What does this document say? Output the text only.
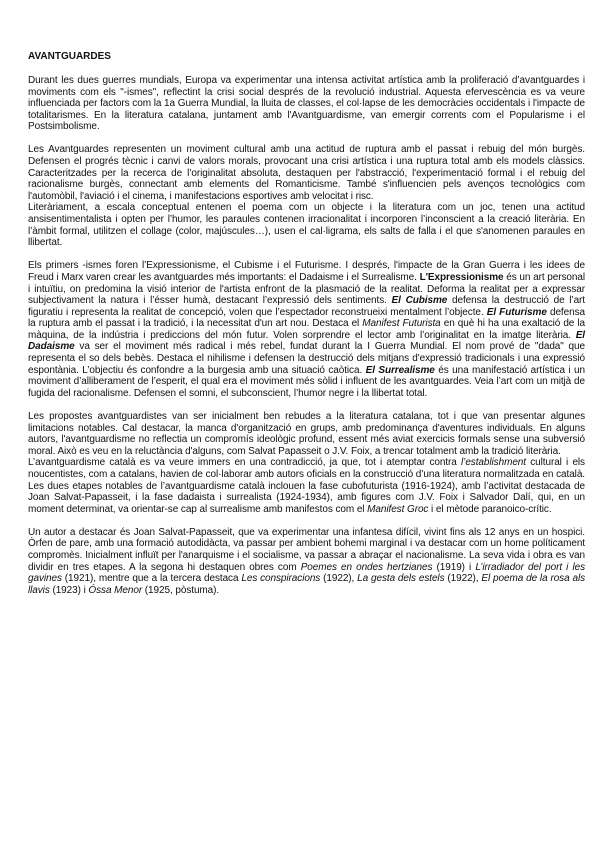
AVANTGUARDES

Durant les dues guerres mundials, Europa va experimentar una intensa activitat artística amb la proliferació d’avantguardes i moviments com els "-ismes", reflectint la crisi social després de la revolució industrial. Aquesta efervescència es va veure influenciada per factors com la 1a Guerra Mundial, la lluita de classes, el col·lapse de les democràcies occidentals i l'impacte de totalitarismes. En la literatura catalana, juntament amb l'Avantguardisme, van emergir corrents com el Popularisme i el Postsimbolisme.

Les Avantguardes representen un moviment cultural amb una actitud de ruptura amb el passat i rebuig del món burgès. Defensen el progrés tècnic i canvi de valors morals, provocant una crisi artística i una ruptura total amb els models clàssics. Caracteritzades per la recerca de l’originalitat absoluta, destaquen per l'abstracció, l'experimentació formal i el rebuig del racionalisme burgès, connectant amb elements del Romanticisme. També s'influencien pels avenços tecnològics com l'automòbil, l'aviació i el cinema, i manifestacions esportives amb velocitat i risc.

Literàriament, a escala conceptual entenen el poema com un objecte i la literatura com un joc, tenen una actitud ansisentimentalista i opten per l’humor, les paraules contenen irracionalitat i incorporen l’inconscient a la creació literària. En l’àmbit formal, utilitzen el collage (color, majúscules…), usen el cal·ligrama, els salts de falla i el que s'anomenen paraules en llibertat.

Els primers -ismes foren l’Expressionisme, el Cubisme i el Futurisme. I després, l'impacte de la Gran Guerra i les idees de Freud i Marx varen crear les avantguardes més importants: el Dadaisme i el Surrealisme. L'Expressionisme és un art personal i intuïtiu, on predomina la visió interior de l'artista enfront de la plasmació de la realitat. Deforma la realitat per a expressar subjectivament la natura i l’ésser humà, destacant l’expressió dels sentiments. El Cubisme defensa la destrucció de l’art figuratiu i representa la realitat de concepció, volen que l’espectador reconstrueixi mentalment l’objecte. El Futurisme defensa la ruptura amb el passat i la tradició, i la necessitat d'un art nou. Destaca el Manifest Futurista en què hi ha una exaltació de la màquina, de la indústria i prediccions del món futur. Volen sorprendre el lector amb l’originalitat en la imatge literària. El Dadaisme va ser el moviment més radical i més rebel, fundat durant la I Guerra Mundial. El nom prové de "dada" que representa el so dels bebès. Destaca el nihilisme i defensen la destrucció dels mitjans d'expressió tradicionals i una expressió espontània. L’objectiu és confondre a la burgesia amb una situació caòtica. El Surrealisme és una manifestació artística i un moviment d’alliberament de l’esperit, el qual era el moviment més sòlid i influent de les avantguardes. Veia l’art com un mitjà de fugida del racionalisme. Defensen el somni, el subconscient, l’humor negre i la llibertat total.

Les propostes avantguardistes van ser inicialment ben rebudes a la literatura catalana, tot i que van presentar algunes limitacions notables. Cal destacar, la manca d'organització en grups, amb predominança d'aventures individuals. En alguns autors, l'avantguardisme no reflectia un compromís ideològic profund, essent més aviat exercicis formals sense una subversió moral. Això es veu en la reluctància d'alguns, com Salvat Papasseit o J.V. Foix, a trencar totalment amb la tradició literària.

L’avantguardisme català es va veure immers en una contradicció, ja que, tot i atemptar contra l’establishment cultural i els noucentistes, com a catalans, havien de col·laborar amb autors oficials en la construcció d’una literatura normalitzada en català. Les dues etapes notables de l’avantguardisme català inclouen la fase cubofuturista (1916-1924), amb l’activitat destacada de Joan Salvat-Papasseit, i la fase dadaista i surrealista (1924-1934), amb figures com J.V. Foix i Salvador Dalí, qui, en un moment determinat, va orientar-se cap al surrealisme amb manifestos com el Manifest Groc i el mètode paranoico-crític.

Un autor a destacar és Joan Salvat-Papasseit, que va experimentar una infantesa difícil, vivint fins als 12 anys en un hospici. Òrfen de pare, amb una formació autodidàcta, va passar per ambient bohemi marginal i va destacar com un home políticament compromès. Inicialment influït per l'anarquisme i el socialisme, va passar a abraçar el nacionalisme. La seva vida i obra es van dividir en tres etapes. A la segona hi destaquen obres com Poemes en ondes hertzianes (1919) i L’irradiador del port i les gavines (1921), mentre que a la tercera destaca Les conspiracions (1922), La gesta dels estels (1922), El poema de la rosa als llavis (1923) i Óssa Menor (1925, pòstuma).
